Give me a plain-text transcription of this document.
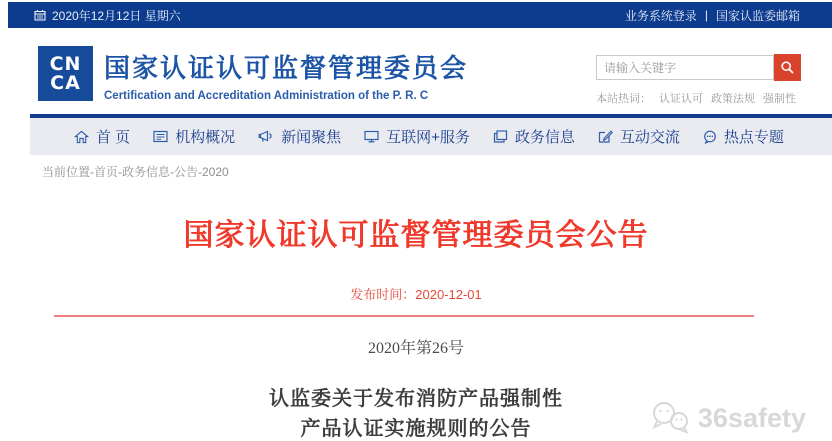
2020年12月12日 星期六	业务系统登录 | 国家认监委邮箱
CN
CA 国家认证认可监督管理委员会
Certification and Accreditation Administration of the P. R. C
请输入关键字	本站热词： 认证认可 政策法规 强制性
首 页	机构概况	新闻聚焦	互联网+服务	政务信息	互动交流	热点专题
当前位置-首页-政务信息-公告-2020
国家认证认可监督管理委员会公告
发布时间：2020-12-01
2020年第26号
认监委关于发布消防产品强制性
产品认证实施规则的公告	36safety
